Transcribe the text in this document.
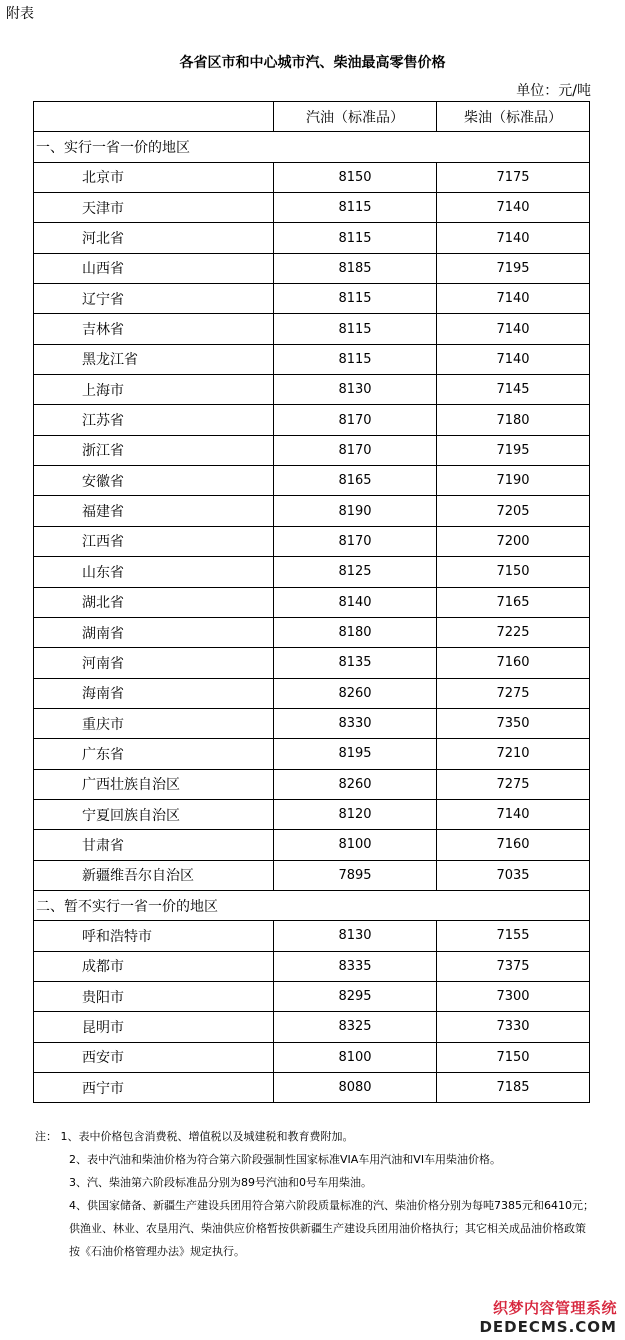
附表
各省区市和中心城市汽、柴油最高零售价格
单位：元/吨
	汽油（标准品）	柴油（标准品）
一、实行一省一价的地区		
北京市	8150	7175
天津市	8115	7140
河北省	8115	7140
山西省	8185	7195
辽宁省	8115	7140
吉林省	8115	7140
黑龙江省	8115	7140
上海市	8130	7145
江苏省	8170	7180
浙江省	8170	7195
安徽省	8165	7190
福建省	8190	7205
江西省	8170	7200
山东省	8125	7150
湖北省	8140	7165
湖南省	8180	7225
河南省	8135	7160
海南省	8260	7275
重庆市	8330	7350
广东省	8195	7210
广西壮族自治区	8260	7275
宁夏回族自治区	8120	7140
甘肃省	8100	7160
新疆维吾尔自治区	7895	7035
二、暂不实行一省一价的地区		
呼和浩特市	8130	7155
成都市	8335	7375
贵阳市	8295	7300
昆明市	8325	7330
西安市	8100	7150
西宁市	8080	7185

注： 1、表中价格包含消费税、增值税以及城建税和教育费附加。

2、表中汽油和柴油价格为符合第六阶段强制性国家标准VIA车用汽油和VI车用柴油价格。

3、汽、柴油第六阶段标准品分别为89号汽油和0号车用柴油。

4、供国家储备、新疆生产建设兵团用符合第六阶段质量标准的汽、柴油价格分别为每吨7385元和6410元；供渔业、林业、农垦用汽、柴油供应价格暂按供新疆生产建设兵团用油价格执行；其它相关成品油价格政策按《石油价格管理办法》规定执行。

织梦内容管理系统
DEDECMS.COM
